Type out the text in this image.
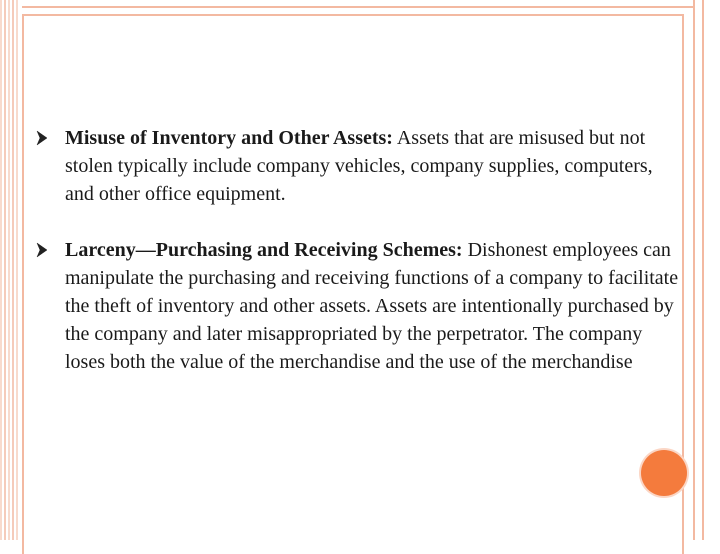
Misuse of Inventory and Other Assets: Assets that are misused but not stolen typically include company vehicles, company supplies, computers, and other office equipment.
Larceny—Purchasing and Receiving Schemes: Dishonest employees can manipulate the purchasing and receiving functions of a company to facilitate the theft of inventory and other assets. Assets are intentionally purchased by the company and later misappropriated by the perpetrator. The company loses both the value of the merchandise and the use of the merchandise
